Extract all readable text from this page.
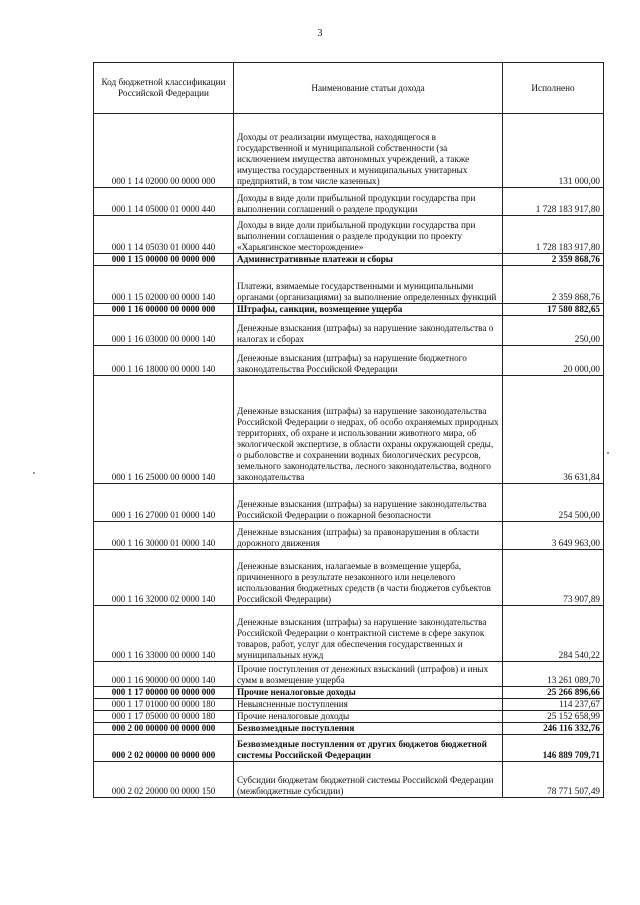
3
Код бюджетной классификации Российской Федерации	Наименование статьи дохода	Исполнено
000 1 14 02000 00 0000 000	Доходы от реализации имущества, находящегося в государственной и муниципальной собственности (за исключением имущества автономных учреждений, а также имущества государственных и муниципальных унитарных предприятий, в том числе казенных)	131 000,00
000 1 14 05000 01 0000 440	Доходы в виде доли прибыльной продукции государства при выполнении соглашений о разделе продукции	1 728 183 917,80
000 1 14 05030 01 0000 440	Доходы в виде доли прибыльной продукции государства при выполнении соглашения о разделе продукции по проекту «Харьягинское месторождение»	1 728 183 917,80
000 1 15 00000 00 0000 000	Административные платежи и сборы	2 359 868,76
000 1 15 02000 00 0000 140	Платежи, взимаемые государственными и муниципальными органами (организациями) за выполнение определенных функций	2 359 868,76
000 1 16 00000 00 0000 000	Штрафы, санкции, возмещение ущерба	17 580 882,65
000 1 16 03000 00 0000 140	Денежные взыскания (штрафы) за нарушение законодательства о налогах и сборах	250,00
000 1 16 18000 00 0000 140	Денежные взыскания (штрафы) за нарушение бюджетного законодательства Российской Федерации	20 000,00
000 1 16 25000 00 0000 140	Денежные взыскания (штрафы) за нарушение законодательства Российской Федерации о недрах, об особо охраняемых природных территориях, об охране и использовании животного мира, об экологической экспертизе, в области охраны окружающей среды, о рыболовстве и сохранении водных биологических ресурсов, земельного законодательства, лесного законодательства, водного законодательства	36 631,84
000 1 16 27000 01 0000 140	Денежные взыскания (штрафы) за нарушение законодательства Российской Федерации о пожарной безопасности	254 500,00
000 1 16 30000 01 0000 140	Денежные взыскания (штрафы) за правонарушения в области дорожного движения	3 649 963,00
000 1 16 32000 02 0000 140	Денежные взыскания, налагаемые в возмещение ущерба, причиненного в результате незаконного или нецелевого использования бюджетных средств (в части бюджетов субъектов Российской Федерации)	73 907,89
000 1 16 33000 00 0000 140	Денежные взыскания (штрафы) за нарушение законодательства Российской Федерации о контрактной системе в сфере закупок товаров, работ, услуг для обеспечения государственных и муниципальных нужд	284 540,22
000 1 16 90000 00 0000 140	Прочие поступления от денежных взысканий (штрафов) и иных сумм в возмещение ущерба	13 261 089,70
000 1 17 00000 00 0000 000	Прочие неналоговые доходы	25 266 896,66
000 1 17 01000 00 0000 180	Невыясненные поступления	114 237,67
000 1 17 05000 00 0000 180	Прочие неналоговые доходы	25 152 658,99
000 2 00 00000 00 0000 000	Безвозмездные поступления	246 116 332,76
000 2 02 00000 00 0000 000	Безвозмездные поступления от других бюджетов бюджетной системы Российской Федерации	146 889 709,71
000 2 02 20000 00 0000 150	Субсидии бюджетам бюджетной системы Российской Федерации (межбюджетные субсидии)	78 771 507,49
